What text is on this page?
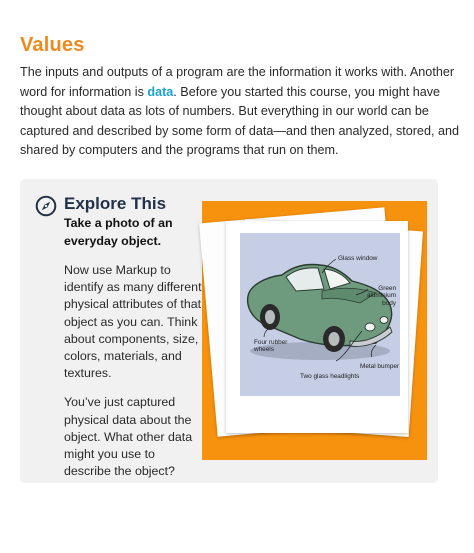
Values

The inputs and outputs of a program are the information it works with. Another word for information is data. Before you started this course, you might have thought about data as lots of numbers. But everything in our world can be captured and described by some form of data—and then analyzed, stored, and shared by computers and the programs that run on them.

Explore This

Take a photo of an everyday object.

Now use Markup to identify as many different physical attributes of that object as you can. Think about components, size, colors, materials, and textures.

You’ve just captured physical data about the object. What other data might you use to describe the object?

Glass window
Green aluminium body
Four rubber wheels
Metal bumper
Two glass headlights
